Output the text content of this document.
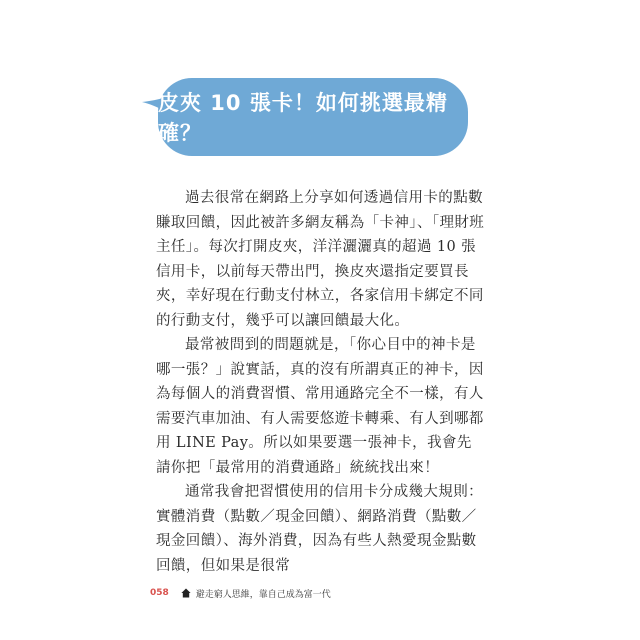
皮夾 10 張卡！如何挑選最精確？

過去很常在網路上分享如何透過信用卡的點數賺取回饋，因此被許多網友稱為「卡神」、「理財班主任」。每次打開皮夾，洋洋灑灑真的超過 10 張信用卡，以前每天帶出門，換皮夾還指定要買長夾，幸好現在行動支付林立，各家信用卡綁定不同的行動支付，幾乎可以讓回饋最大化。

最常被問到的問題就是，「你心目中的神卡是哪一張？」說實話，真的沒有所謂真正的神卡，因為每個人的消費習慣、常用通路完全不一樣，有人需要汽車加油、有人需要悠遊卡轉乘、有人到哪都用 LINE Pay。所以如果要選一張神卡，我會先請你把「最常用的消費通路」統統找出來！

通常我會把習慣使用的信用卡分成幾大規則：實體消費（點數／現金回饋）、網路消費（點數／現金回饋）、海外消費，因為有些人熱愛現金點數回饋，但如果是很常

058	避走窮人思維，靠自己成為富一代
